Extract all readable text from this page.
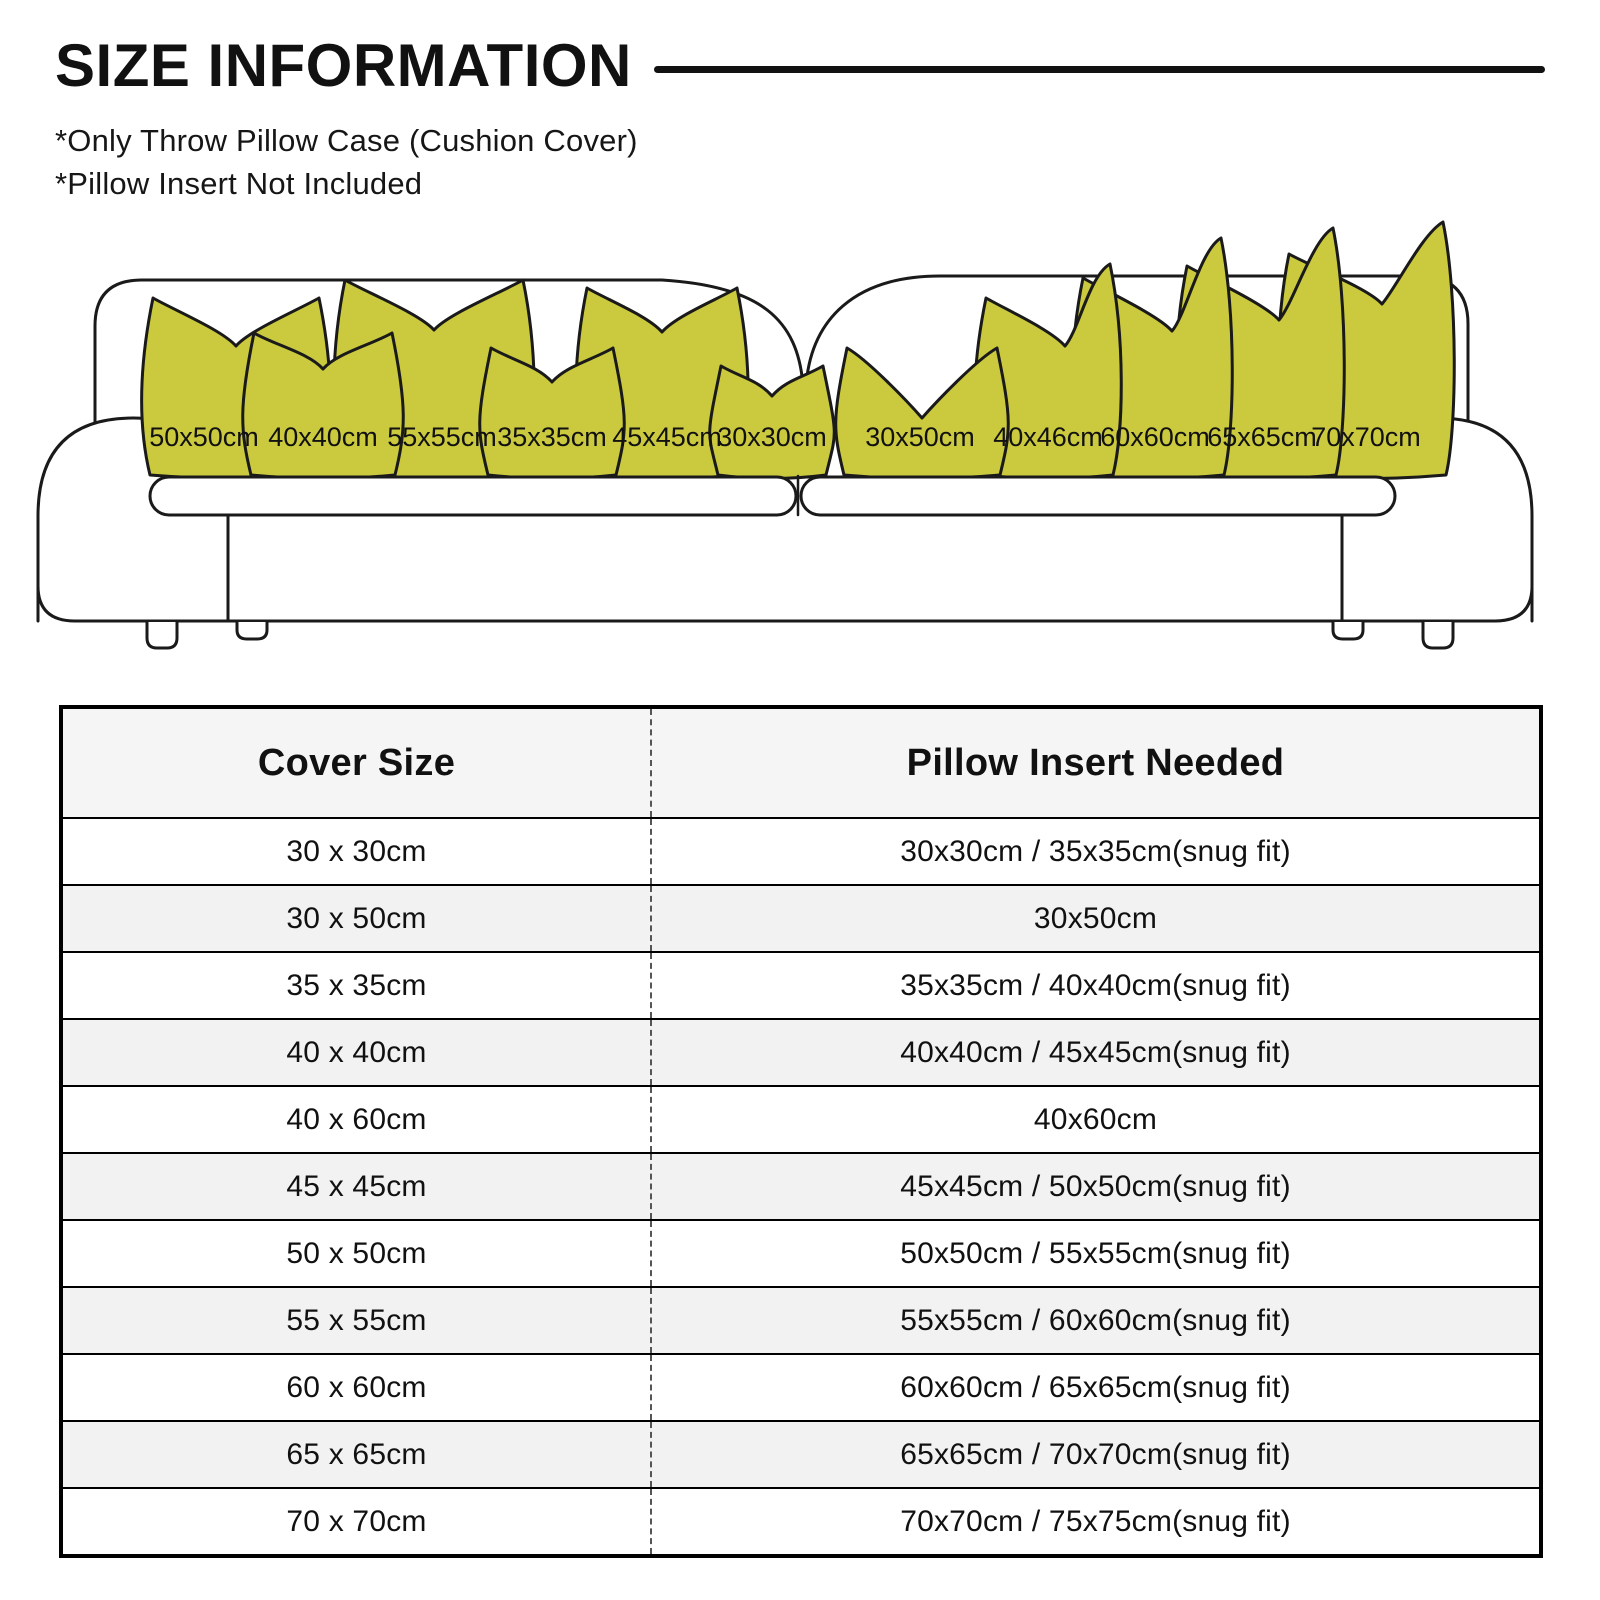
SIZE INFORMATION

*Only Throw Pillow Case (Cushion Cover)

*Pillow Insert Not Included

50x50cm 40x40cm 55x55cm 35x35cm 45x45cm
30x30cm 30x50cm 40x46cm
60x60cm
65x65cm
70x70cm
Cover Size	Pillow Insert Needed
30 x 30cm	30x30cm / 35x35cm(snug fit)
30 x 50cm	30x50cm
35 x 35cm	35x35cm / 40x40cm(snug fit)
40 x 40cm	40x40cm / 45x45cm(snug fit)
40 x 60cm	40x60cm
45 x 45cm	45x45cm / 50x50cm(snug fit)
50 x 50cm	50x50cm / 55x55cm(snug fit)
55 x 55cm	55x55cm / 60x60cm(snug fit)
60 x 60cm	60x60cm / 65x65cm(snug fit)
65 x 65cm	65x65cm / 70x70cm(snug fit)
70 x 70cm	70x70cm / 75x75cm(snug fit)
